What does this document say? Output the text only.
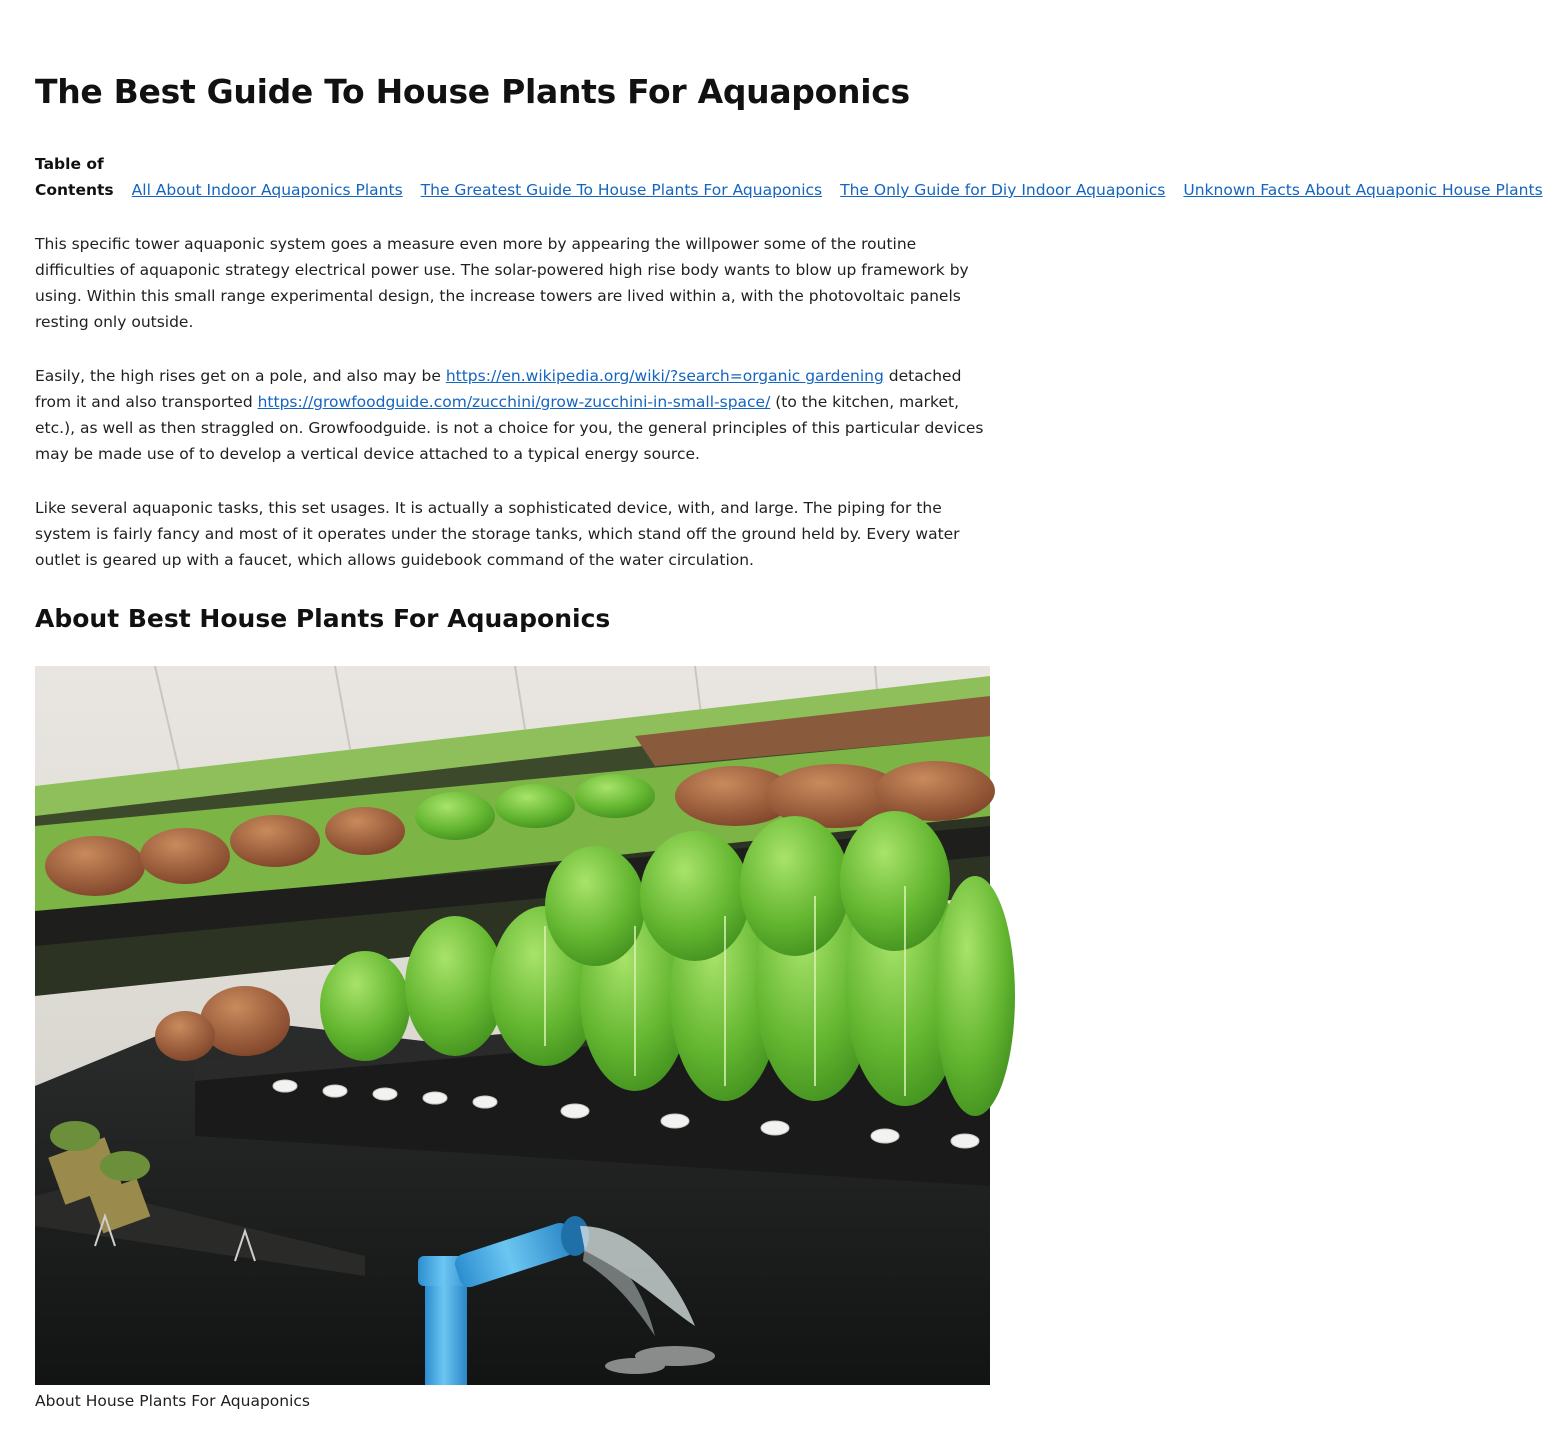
The Best Guide To House Plants For Aquaponics
Table of Contents All About Indoor Aquaponics Plants The Greatest Guide To House Plants For Aquaponics The Only Guide for Diy Indoor Aquaponics Unknown Facts About Aquaponic House Plants

This specific tower aquaponic system goes a measure even more by appearing the willpower some of the routine difficulties of aquaponic strategy electrical power use. The solar-powered high rise body wants to blow up framework by using. Within this small range experimental design, the increase towers are lived within a, with the photovoltaic panels resting only outside.

Easily, the high rises get on a pole, and also may be https://en.wikipedia.org/wiki/?search=organic gardening detached from it and also transported https://growfoodguide.com/zucchini/grow-zucchini-in-small-space/ (to the kitchen, market, etc.), as well as then straggled on. Growfoodguide. is not a choice for you, the general principles of this particular devices may be made use of to develop a vertical device attached to a typical energy source.

Like several aquaponic tasks, this set usages. It is actually a sophisticated device, with, and large. The piping for the system is fairly fancy and most of it operates under the storage tanks, which stand off the ground held by. Every water outlet is geared up with a faucet, which allows guidebook command of the water circulation.

About Best House Plants For Aquaponics
About House Plants For Aquaponics
